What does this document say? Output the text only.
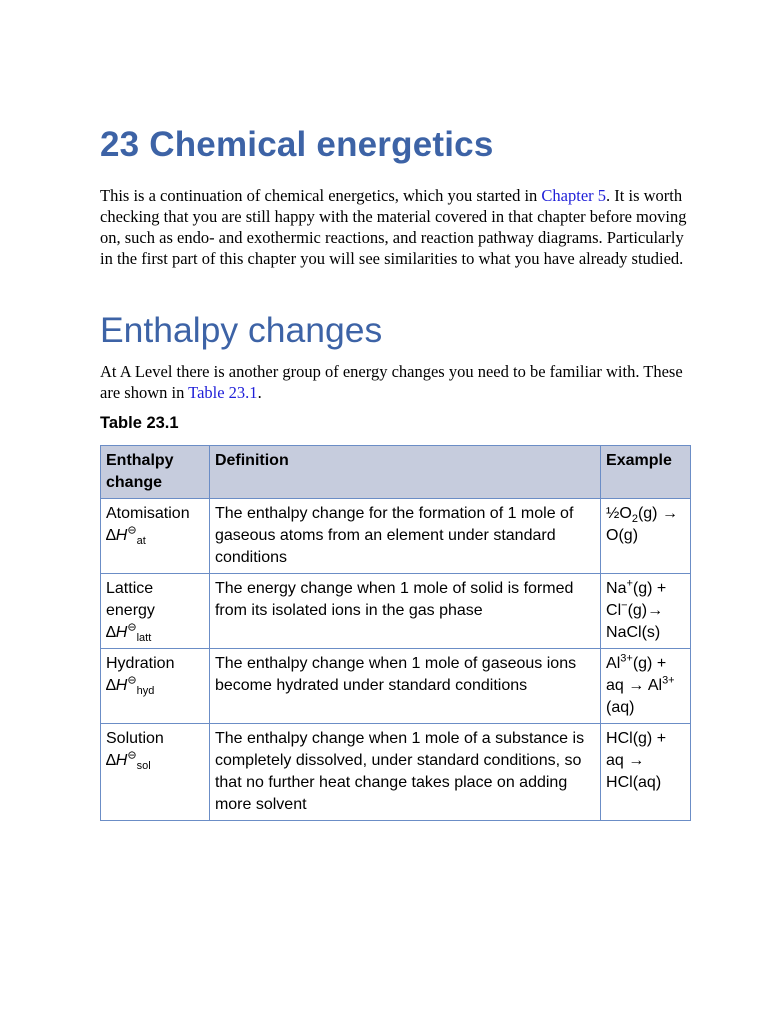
23 Chemical energetics

This is a continuation of chemical energetics, which you started in Chapter 5. It is worth checking that you are still happy with the material covered in that chapter before moving on, such as endo- and exothermic reactions, and reaction pathway diagrams. Particularly in the first part of this chapter you will see similarities to what you have already studied.

Enthalpy changes

At A Level there is another group of energy changes you need to be familiar with. These are shown in Table 23.1.

Table 23.1

Enthalpy
change	Definition	Example
Atomisation
$\Delta H^⊖_{at}$	The enthalpy change for the formation of 1 mole of gaseous atoms from an element under standard conditions	$\frac{1}{2}O_2(g) \to O(g)$
Lattice energy
$\Delta H^⊖_{latt}$	The energy change when 1 mole of solid is formed from its isolated ions in the gas phase	Na+(g) + Cl−(g)→ NaCl(s)
Hydration
$\Delta H^⊖_{hyd}$	The enthalpy change when 1 mole of gaseous ions become hydrated under standard conditions	$Al^{3+}(g)$ + aq → $Al^{3+}(aq)$
Solution
$\Delta H^⊖_{sol}$	The enthalpy change when 1 mole of a substance is completely dissolved, under standard conditions, so that no further heat change takes place on adding more solvent	HCl(g) + aq → HCl(aq)
